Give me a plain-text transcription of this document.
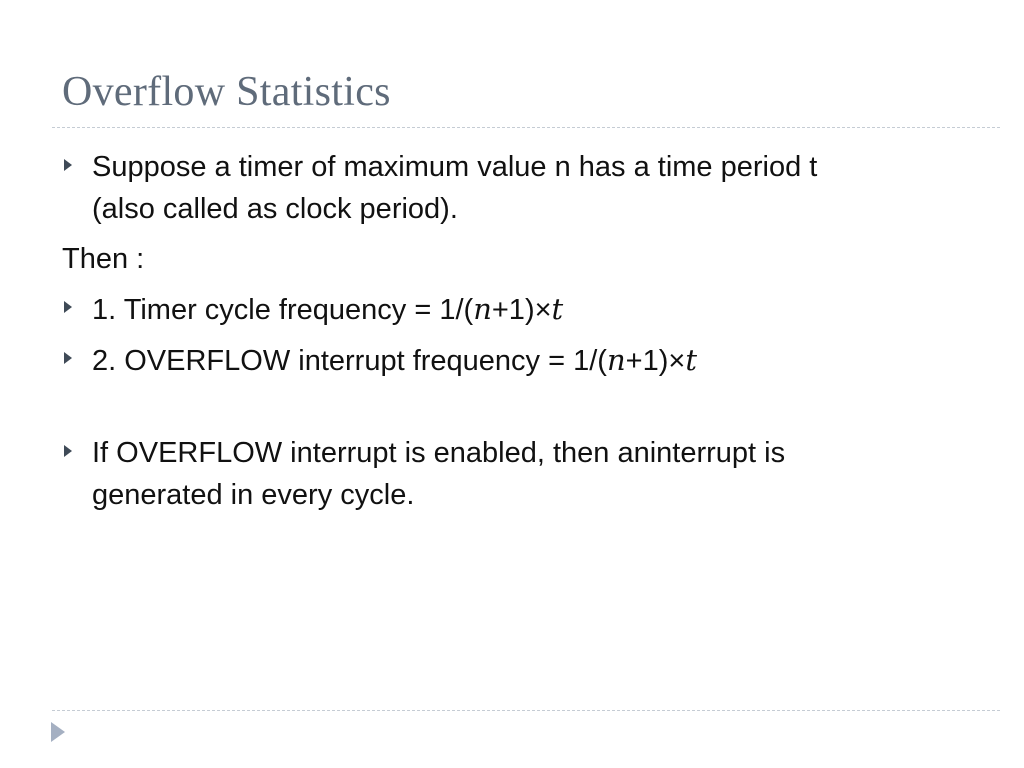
Overflow Statistics
Suppose a timer of maximum value n has a time period t
(also called as clock period).
Then :
1. Timer cycle frequency = 1/(n+1)×t
2. OVERFLOW interrupt frequency = 1/(n+1)×t
If OVERFLOW interrupt is enabled, then aninterrupt is
generated in every cycle.
